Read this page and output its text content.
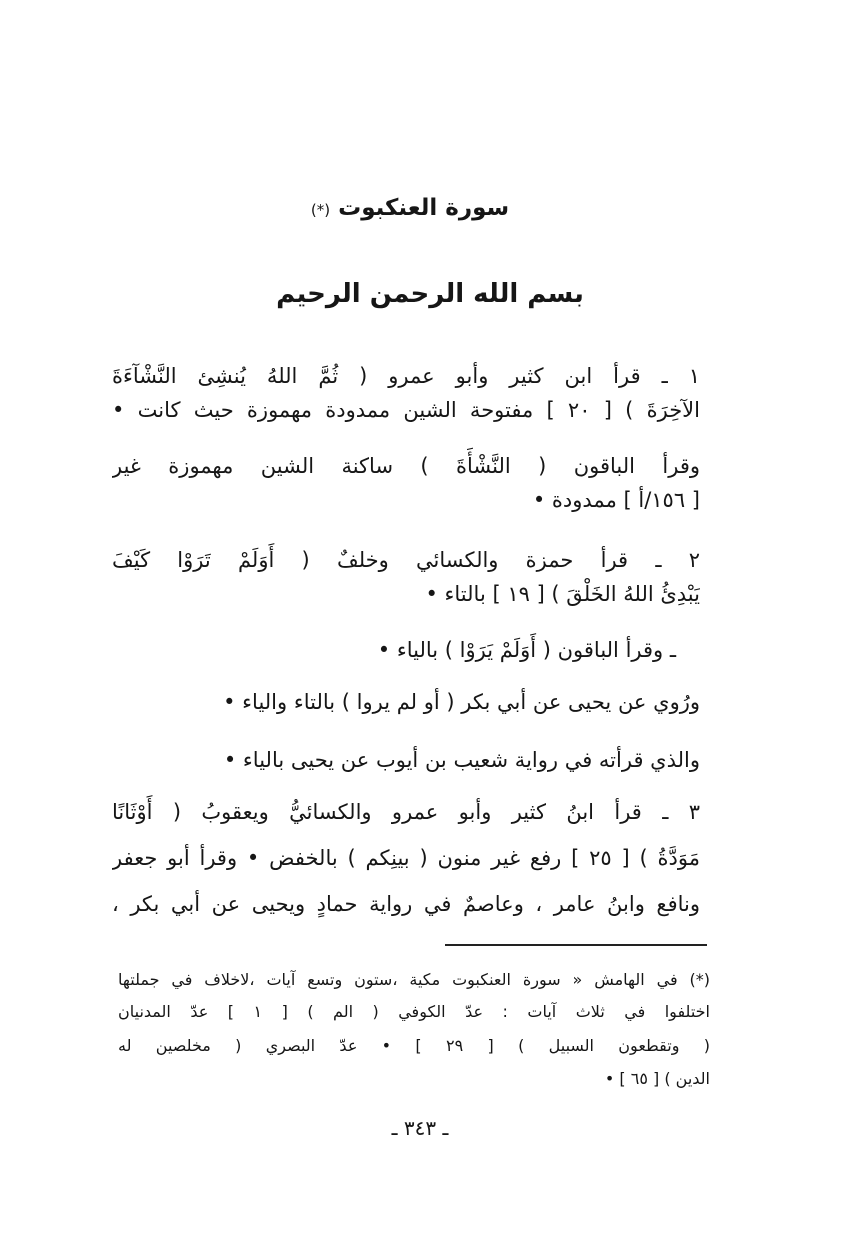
سورة العنكبوت (*)
بسم الله الرحمن الرحيم
١ ـ قرأ ابن كثير وأبو عمرو ( ثُمَّ اللهُ يُنشِئ النَّشْآءَةَ
الآخِرَةَ ) [ ٢٠ ] مفتوحة الشين ممدودة مهموزة حيث كانت •
وقرأ الباقون ( النَّشْأَةَ ) ساكنة الشين مهموزة غير
[ ١٥٦/أ ] ممدودة •
٢ ـ قرأ حمزة والكسائي وخلفٌ ( أَوَلَمْ تَرَوْا كَيْفَ
يَبْدِئُ اللهُ الخَلْقَ ) [ ١٩ ] بالتاء •
ـ وقرأ الباقون ( أَوَلَمْ يَرَوْا ) بالياء •
ورُوي عن يحيى عن أبي بكر ( أو لم يروا ) بالتاء والياء •
والذي قرأته في رواية شعيب بن أيوب عن يحيى بالياء •
٣ ـ قرأ ابنُ كثير وأبو عمرو والكسائيُّ ويعقوبُ ( أَوْثَانًا
مَوَدَّةُ ) [ ٢٥ ] رفع غير منون ( بينِكم ) بالخفض • وقرأ أبو جعفر
ونافع وابنُ عامر ، وعاصمٌ في رواية حمادٍ ويحيى عن أبي بكر ،
(*) في الهامش « سورة العنكبوت مكية ،ستون وتسع آيات ،لاخلاف في جملتها
اختلفوا في ثلاث آيات : عدّ الكوفي ( الم ) [ ١ ] عدّ المدنيان
( وتقطعون السبيل ) [ ٢٩ ] • عدّ البصري ( مخلصين له
الدين ) [ ٦٥ ] •
ـ ٣٤٣ ـ
